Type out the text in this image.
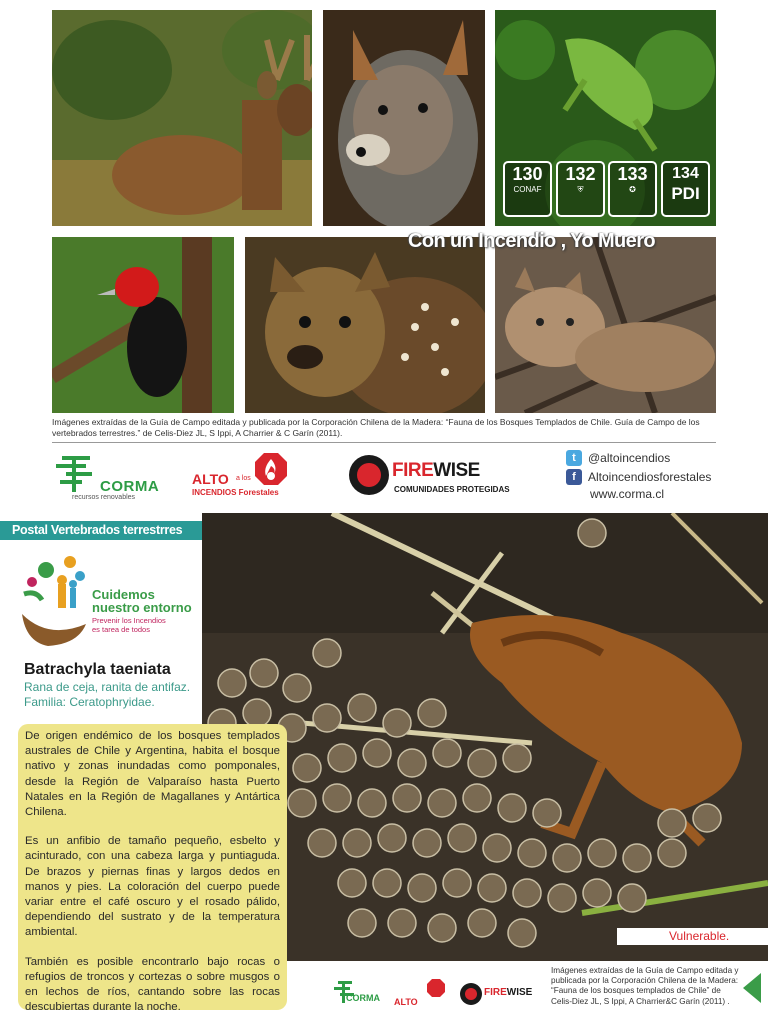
130
CONAF
132
⛨
133
✪
134
PDI
Con un Incendio , Yo Muero
Imágenes extraídas de la Guía de Campo editada y publicada por la Corporación Chilena de la Madera: “Fauna de los Bosques Templados de Chile. Guía de Campo de los vertebrados terrestres.” de Celis-Diez JL, S Ippi, A Charrier & C Garín (2011).
CORMA
recursos renovables
ALTO a los
INCENDIOS Forestales
FIREWISE
COMUNIDADES PROTEGIDAS
t	@altoincendios
f	Altoincendiosforestales
www.corma.cl
Postal Vertebrados terrestrres
Cuidemos
nuestro entorno
Prevenir los Incendios
es tarea de todos
Batrachyla taeniata
Rana de ceja, ranita de antifaz.
Familia: Ceratophryidae.

De origen endémico de los bosques templados australes de Chile y Argentina, habita el bosque nativo y zonas inundadas como pomponales, desde la Región de Valparaíso hasta Puerto Natales en la Región de Magallanes y Antártica Chilena.

Es un anfibio de tamaño pequeño, esbelto y acinturado, con una cabeza larga y puntiaguda. De brazos y piernas finas y largos dedos en manos y pies. La coloración del cuerpo puede variar entre el café oscuro y el rosado pálido, dependiendo del sustrato y de la temperatura ambiental.

También es posible encontrarlo bajo rocas o refugios de troncos y cortezas o sobre musgos o en lechos de ríos, cantando sobre las rocas descubiertas durante la noche.

Vulnerable.
CORMA ALTO
FIREWISE
Imágenes extraídas de la Guía de Campo editada y publicada por la Corporación Chilena de la Madera: “Fauna de los bosques templados de Chile” de Celis-Diez JL, S Ippi, A Charrier&C Garín (2011) .
